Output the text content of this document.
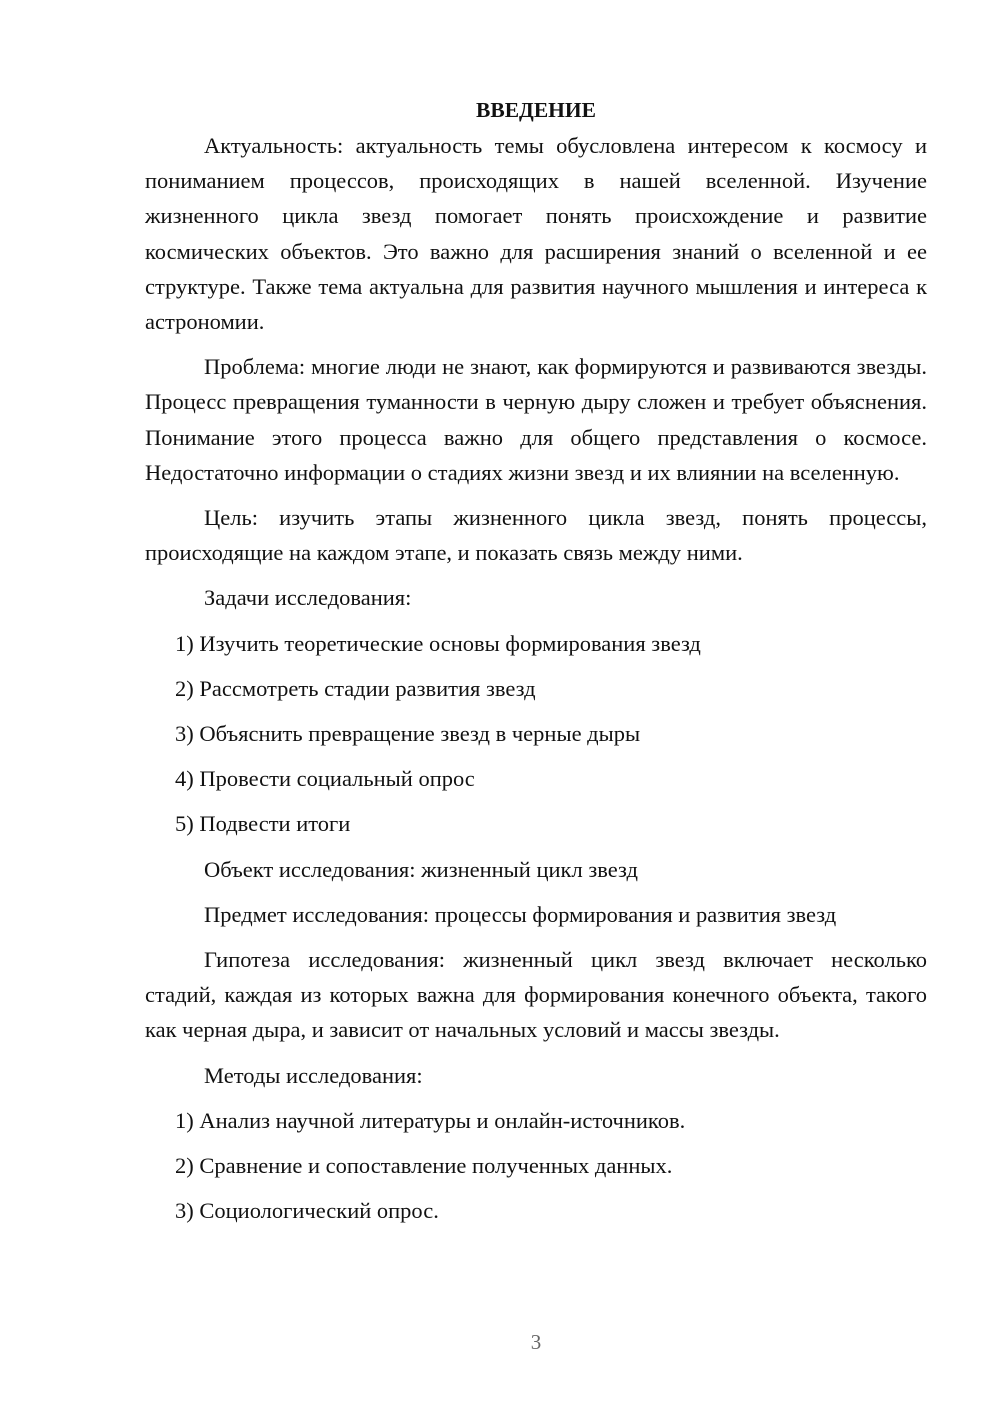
ВВЕДЕНИЕ

Актуальность: актуальность темы обусловлена интересом к космосу и пониманием процессов, происходящих в нашей вселенной. Изучение жизненного цикла звезд помогает понять происхождение и развитие космических объектов. Это важно для расширения знаний о вселенной и ее структуре. Также тема актуальна для развития научного мышления и интереса к астрономии.

Проблема: многие люди не знают, как формируются и развиваются звезды. Процесс превращения туманности в черную дыру сложен и требует объяснения. Понимание этого процесса важно для общего представления о космосе. Недостаточно информации о стадиях жизни звезд и их влиянии на вселенную.

Цель: изучить этапы жизненного цикла звезд, понять процессы, происходящие на каждом этапе, и показать связь между ними.

Задачи исследования:

1) Изучить теоретические основы формирования звезд

2) Рассмотреть стадии развития звезд

3) Объяснить превращение звезд в черные дыры

4) Провести социальный опрос

5) Подвести итоги

Объект исследования: жизненный цикл звезд

Предмет исследования: процессы формирования и развития звезд

Гипотеза исследования: жизненный цикл звезд включает несколько стадий, каждая из которых важна для формирования конечного объекта, такого как черная дыра, и зависит от начальных условий и массы звезды.

Методы исследования:

1) Анализ научной литературы и онлайн-источников.

2) Сравнение и сопоставление полученных данных.

3) Социологический опрос.

3
